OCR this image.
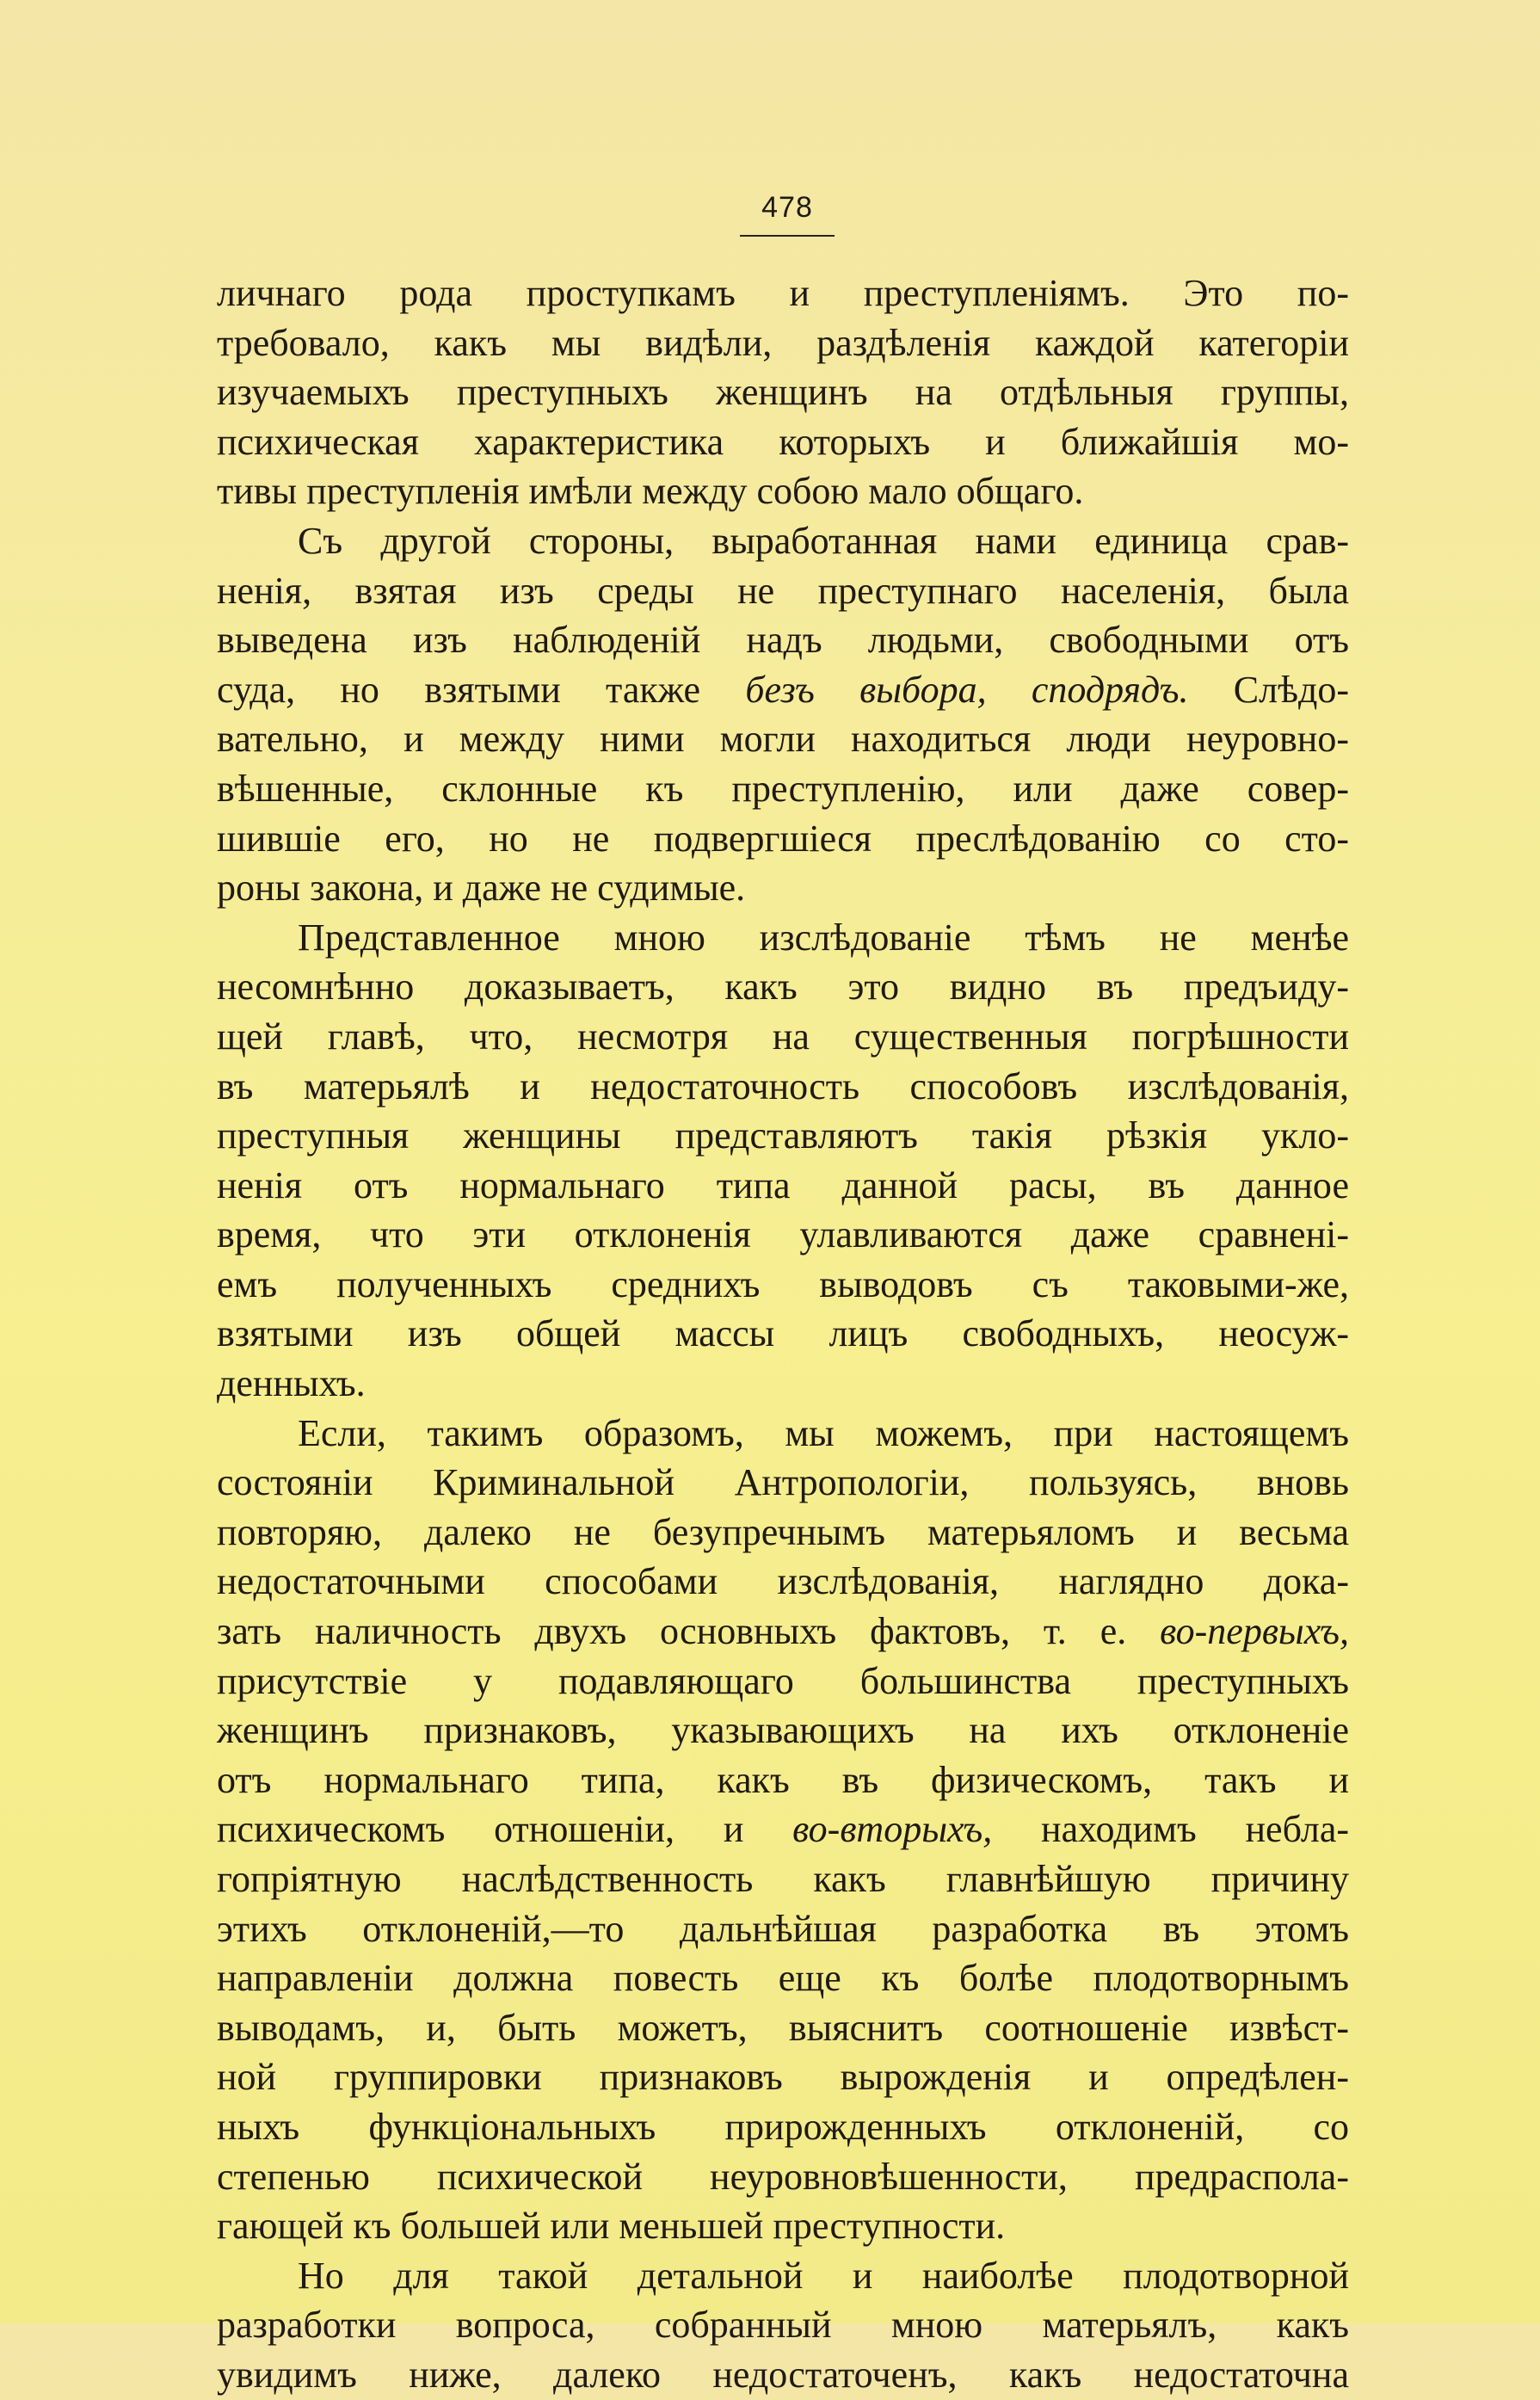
478
личнаго рода проступкамъ и преступленіямъ. Это по-
требовало, какъ мы видѣли, раздѣленія каждой категоріи
изучаемыхъ преступныхъ женщинъ на отдѣльныя группы,
психическая характеристика которыхъ и ближайшія мо-
тивы преступленія имѣли между собою мало общаго.
Съ другой стороны, выработанная нами единица срав-
ненія, взятая изъ среды не преступнаго населенія, была
выведена изъ наблюденій надъ людьми, свободными отъ
суда, но взятыми также безъ выбора, сподрядъ. Слѣдо-
вательно, и между ними могли находиться люди неуровно-
вѣшенные, склонные къ преступленію, или даже совер-
шившіе его, но не подвергшіеся преслѣдованію со сто-
роны закона, и даже не судимые.
Представленное мною изслѣдованіе тѣмъ не менѣе
несомнѣнно доказываетъ, какъ это видно въ предъиду-
щей главѣ, что, несмотря на существенныя погрѣшности
въ матерьялѣ и недостаточность способовъ изслѣдованія,
преступныя женщины представляютъ такія рѣзкія укло-
ненія отъ нормальнаго типа данной расы, въ данное
время, что эти отклоненія улавливаются даже сравнені-
емъ полученныхъ среднихъ выводовъ съ таковыми-же,
взятыми изъ общей массы лицъ свободныхъ, неосуж-
денныхъ.
Если, такимъ образомъ, мы можемъ, при настоящемъ
состояніи Криминальной Антропологіи, пользуясь, вновь
повторяю, далеко не безупречнымъ матерьяломъ и весьма
недостаточными способами изслѣдованія, наглядно дока-
зать наличность двухъ основныхъ фактовъ, т. е. во-первыхъ,
присутствіе у подавляющаго большинства преступныхъ
женщинъ признаковъ, указывающихъ на ихъ отклоненіе
отъ нормальнаго типа, какъ въ физическомъ, такъ и
психическомъ отношеніи, и во-вторыхъ, находимъ небла-
гопріятную наслѣдственность какъ главнѣйшую причину
этихъ отклоненій,—то дальнѣйшая разработка въ этомъ
направленіи должна повесть еще къ болѣе плодотворнымъ
выводамъ, и, быть можетъ, выяснитъ соотношеніе извѣст-
ной группировки признаковъ вырожденія и опредѣлен-
ныхъ функціональныхъ прирожденныхъ отклоненій, со
степенью психической неуровновѣшенности, предраспола-
гающей къ большей или меньшей преступности.
Но для такой детальной и наиболѣе плодотворной
разработки вопроса, собранный мною матерьялъ, какъ
увидимъ ниже, далеко недостаточенъ, какъ недостаточна
